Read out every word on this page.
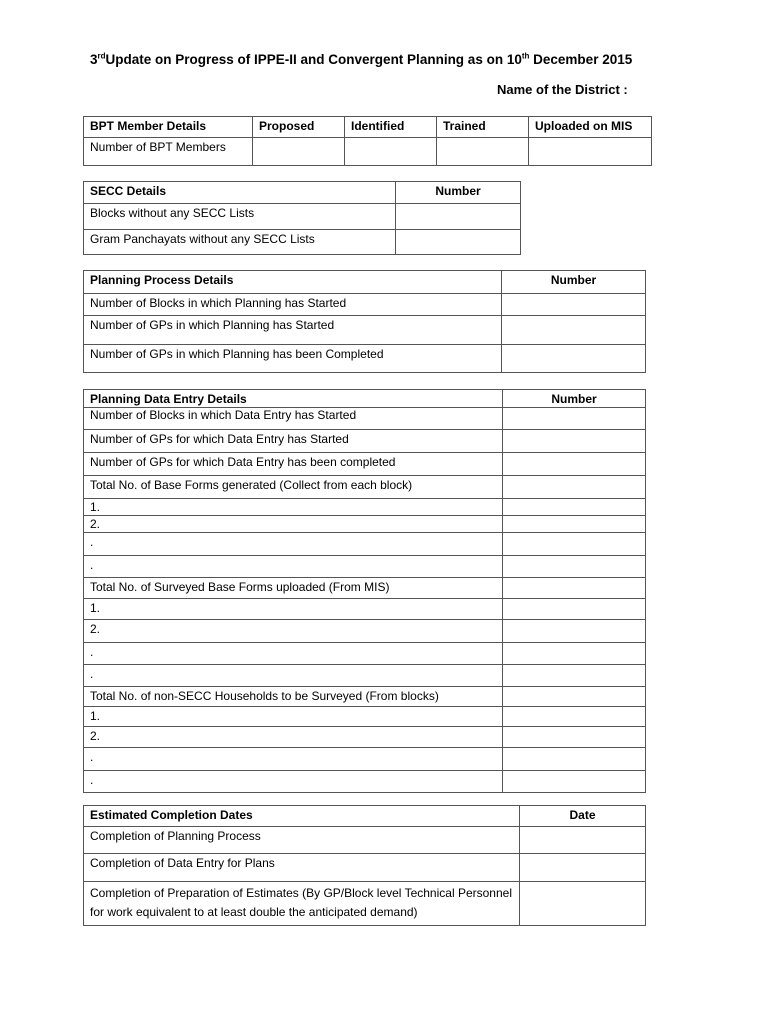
3rdUpdate on Progress of IPPE-II and Convergent Planning as on 10th December 2015
Name of the District :
BPT Member Details	Proposed	Identified	Trained	Uploaded on MIS
Number of BPT Members				
SECC Details	Number
Blocks without any SECC Lists	
Gram Panchayats without any SECC Lists	
Planning Process Details	Number
Number of Blocks in which Planning has Started	
Number of GPs in which Planning has Started	
Number of GPs in which Planning has been Completed	
Planning Data Entry Details	Number
Number of Blocks in which Data Entry has Started	
Number of GPs for which Data Entry has Started	
Number of GPs for which Data Entry has been completed	
Total No. of Base Forms generated (Collect from each block)	
1.	
2.	
.	
.	
Total No. of Surveyed Base Forms uploaded (From MIS)	
1.	
2.	
.	
.	
Total No. of non-SECC Households to be Surveyed (From blocks)	
1.	
2.	
.	
.	
Estimated Completion Dates	Date
Completion of Planning Process	
Completion of Data Entry for Plans	
Completion of Preparation of Estimates (By GP/Block level Technical Personnel for work equivalent to at least double the anticipated demand)	
